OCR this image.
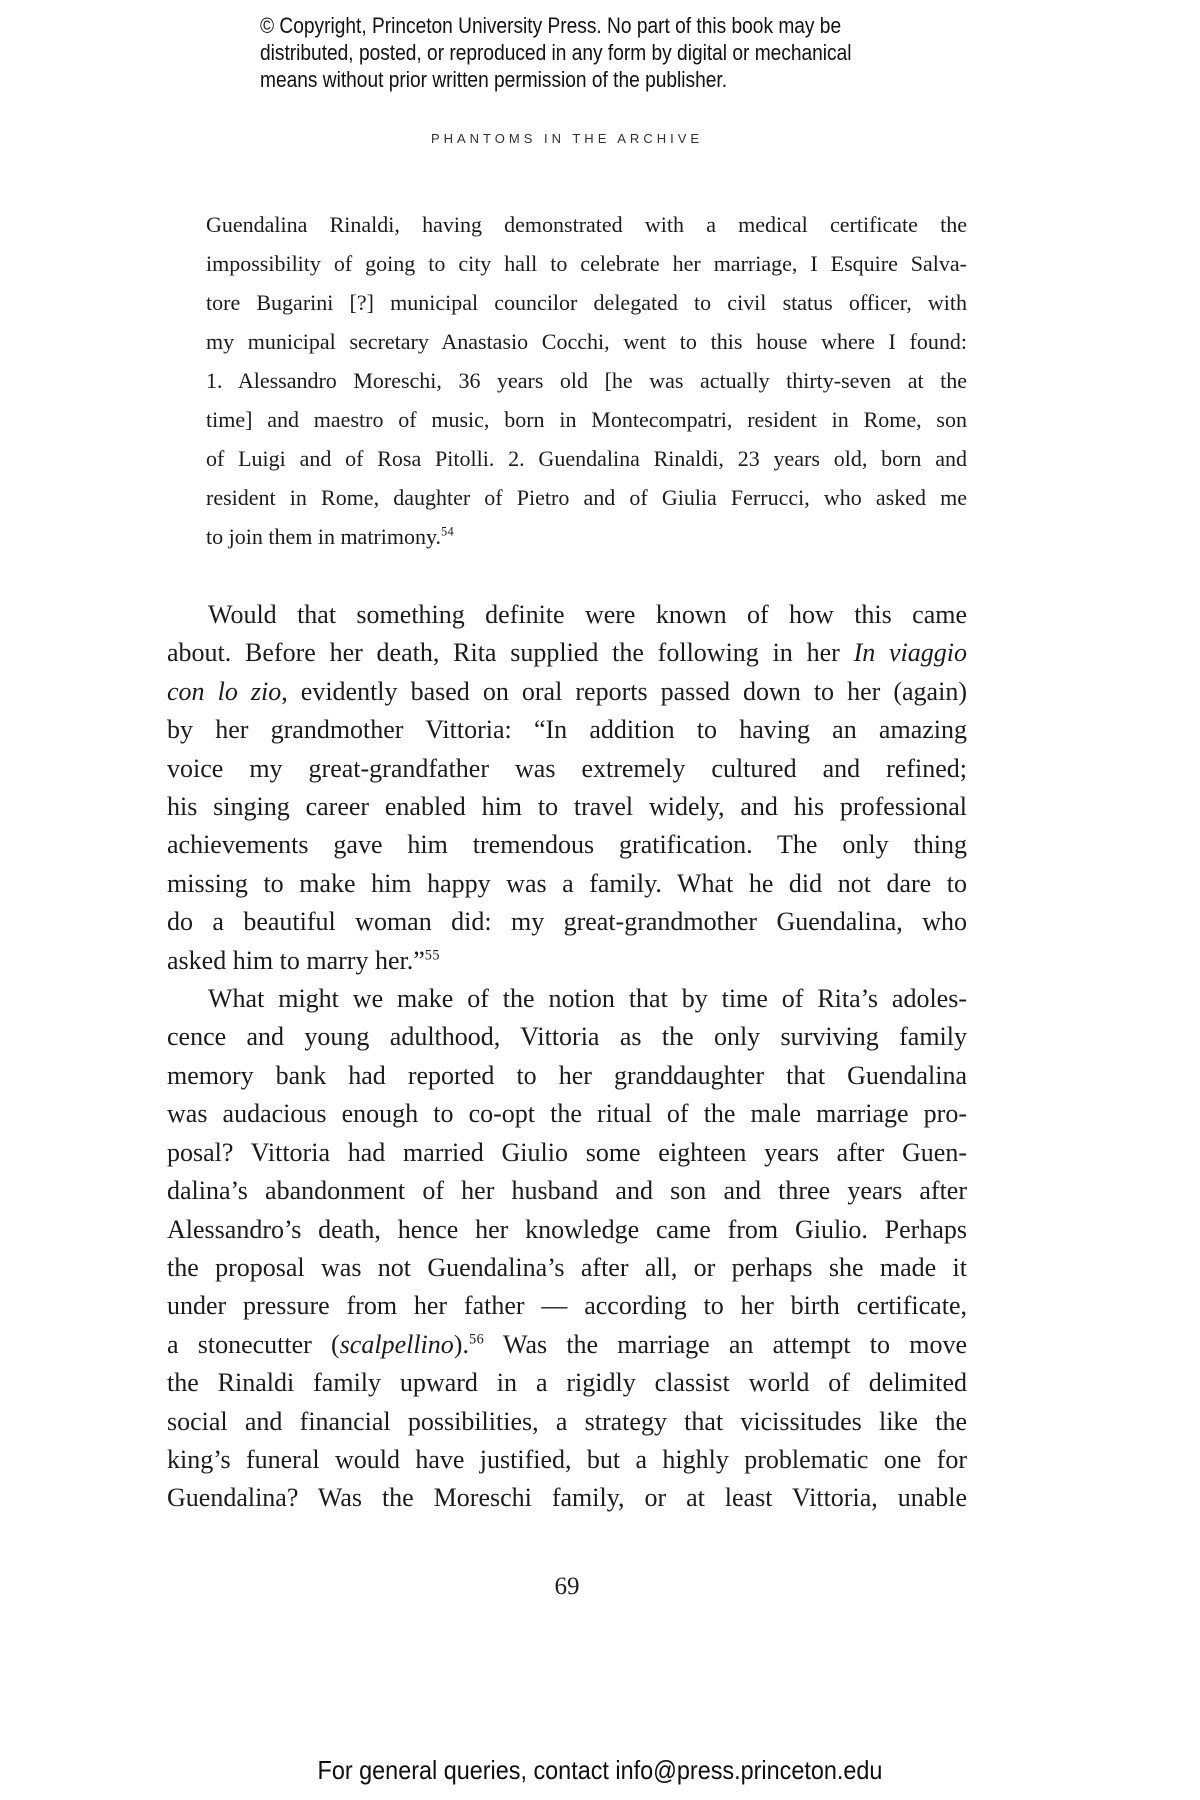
© Copyright, Princeton University Press. No part of this book may be
distributed, posted, or reproduced in any form by digital or mechanical
means without prior written permission of the publisher.
PHANTOMS IN THE ARCHIVE
Guendalina Rinaldi, having demonstrated with a medical certificate the
impossibility of going to city hall to celebrate her marriage, I Esquire Salva-
tore Bugarini [?] municipal councilor delegated to civil status officer, with
my municipal secretary Anastasio Cocchi, went to this house where I found:
1. Alessandro Moreschi, 36 years old [he was actually thirty-seven at the
time] and maestro of music, born in Montecompatri, resident in Rome, son
of Luigi and of Rosa Pitolli. 2. Guendalina Rinaldi, 23 years old, born and
resident in Rome, daughter of Pietro and of Giulia Ferrucci, who asked me
to join them in matrimony.$^{54}$
Would that something definite were known of how this came
about. Before her death, Rita supplied the following in her In viaggio
con lo zio, evidently based on oral reports passed down to her (again)
by her grandmother Vittoria: “In addition to having an amazing
voice my great-grandfather was extremely cultured and refined;
his singing career enabled him to travel widely, and his professional
achievements gave him tremendous gratification. The only thing
missing to make him happy was a family. What he did not dare to
do a beautiful woman did: my great-grandmother Guendalina, who
asked him to marry her.”$^{55}$
What might we make of the notion that by time of Rita’s adoles-
cence and young adulthood, Vittoria as the only surviving family
memory bank had reported to her granddaughter that Guendalina
was audacious enough to co-opt the ritual of the male marriage pro-
posal? Vittoria had married Giulio some eighteen years after Guen-
dalina’s abandonment of her husband and son and three years after
Alessandro’s death, hence her knowledge came from Giulio. Perhaps
the proposal was not Guendalina’s after all, or perhaps she made it
under pressure from her father — according to her birth certificate,
a stonecutter (scalpellino).$^{56}$ Was the marriage an attempt to move
the Rinaldi family upward in a rigidly classist world of delimited
social and financial possibilities, a strategy that vicissitudes like the
king’s funeral would have justified, but a highly problematic one for
Guendalina? Was the Moreschi family, or at least Vittoria, unable
69
For general queries, contact info@press.princeton.edu
